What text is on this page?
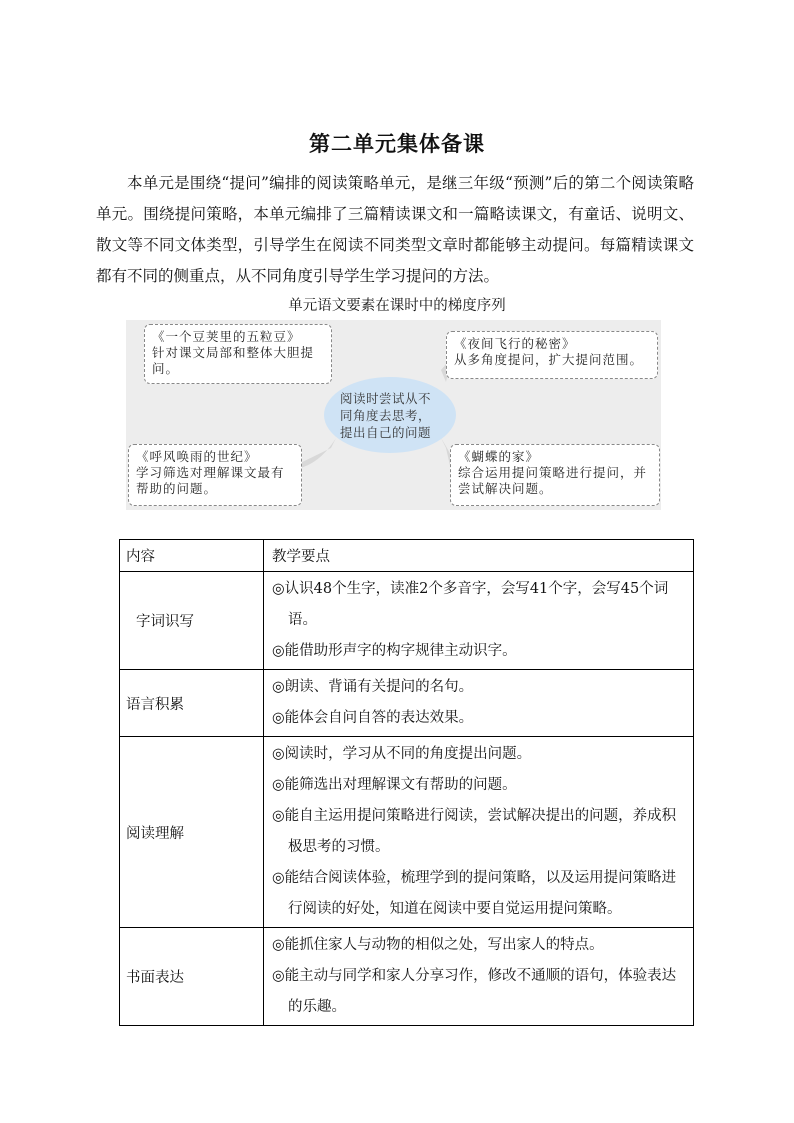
第二单元集体备课
本单元是围绕“提问”编排的阅读策略单元，是继三年级“预测”后的第二个阅读策略单元。围绕提问策略，本单元编排了三篇精读课文和一篇略读课文，有童话、说明文、散文等不同文体类型，引导学生在阅读不同类型文章时都能够主动提问。每篇精读课文都有不同的侧重点，从不同角度引导学生学习提问的方法。
单元语文要素在课时中的梯度序列
阅读时尝试从不同角度去思考，提出自己的问题
《一个豆荚里的五粒豆》
针对课文局部和整体大胆提问。
《夜间飞行的秘密》
从多角度提问，扩大提问范围。
《呼风唤雨的世纪》
学习筛选对理解课文最有帮助的问题。
《蝴蝶的家》
综合运用提问策略进行提问，并尝试解决问题。
内容	教学要点
字词识写	◎认识48个生字，读准2个多音字，会写41个字，会写45个词语。
◎能借助形声字的构字规律主动识字。

语言积累	◎朗读、背诵有关提问的名句。
◎能体会自问自答的表达效果。

阅读理解	◎阅读时，学习从不同的角度提出问题。
◎能筛选出对理解课文有帮助的问题。
◎能自主运用提问策略进行阅读，尝试解决提出的问题，养成积极思考的习惯。
◎能结合阅读体验，梳理学到的提问策略，以及运用提问策略进行阅读的好处，知道在阅读中要自觉运用提问策略。

书面表达	◎能抓住家人与动物的相似之处，写出家人的特点。
◎能主动与同学和家人分享习作，修改不通顺的语句，体验表达的乐趣。
